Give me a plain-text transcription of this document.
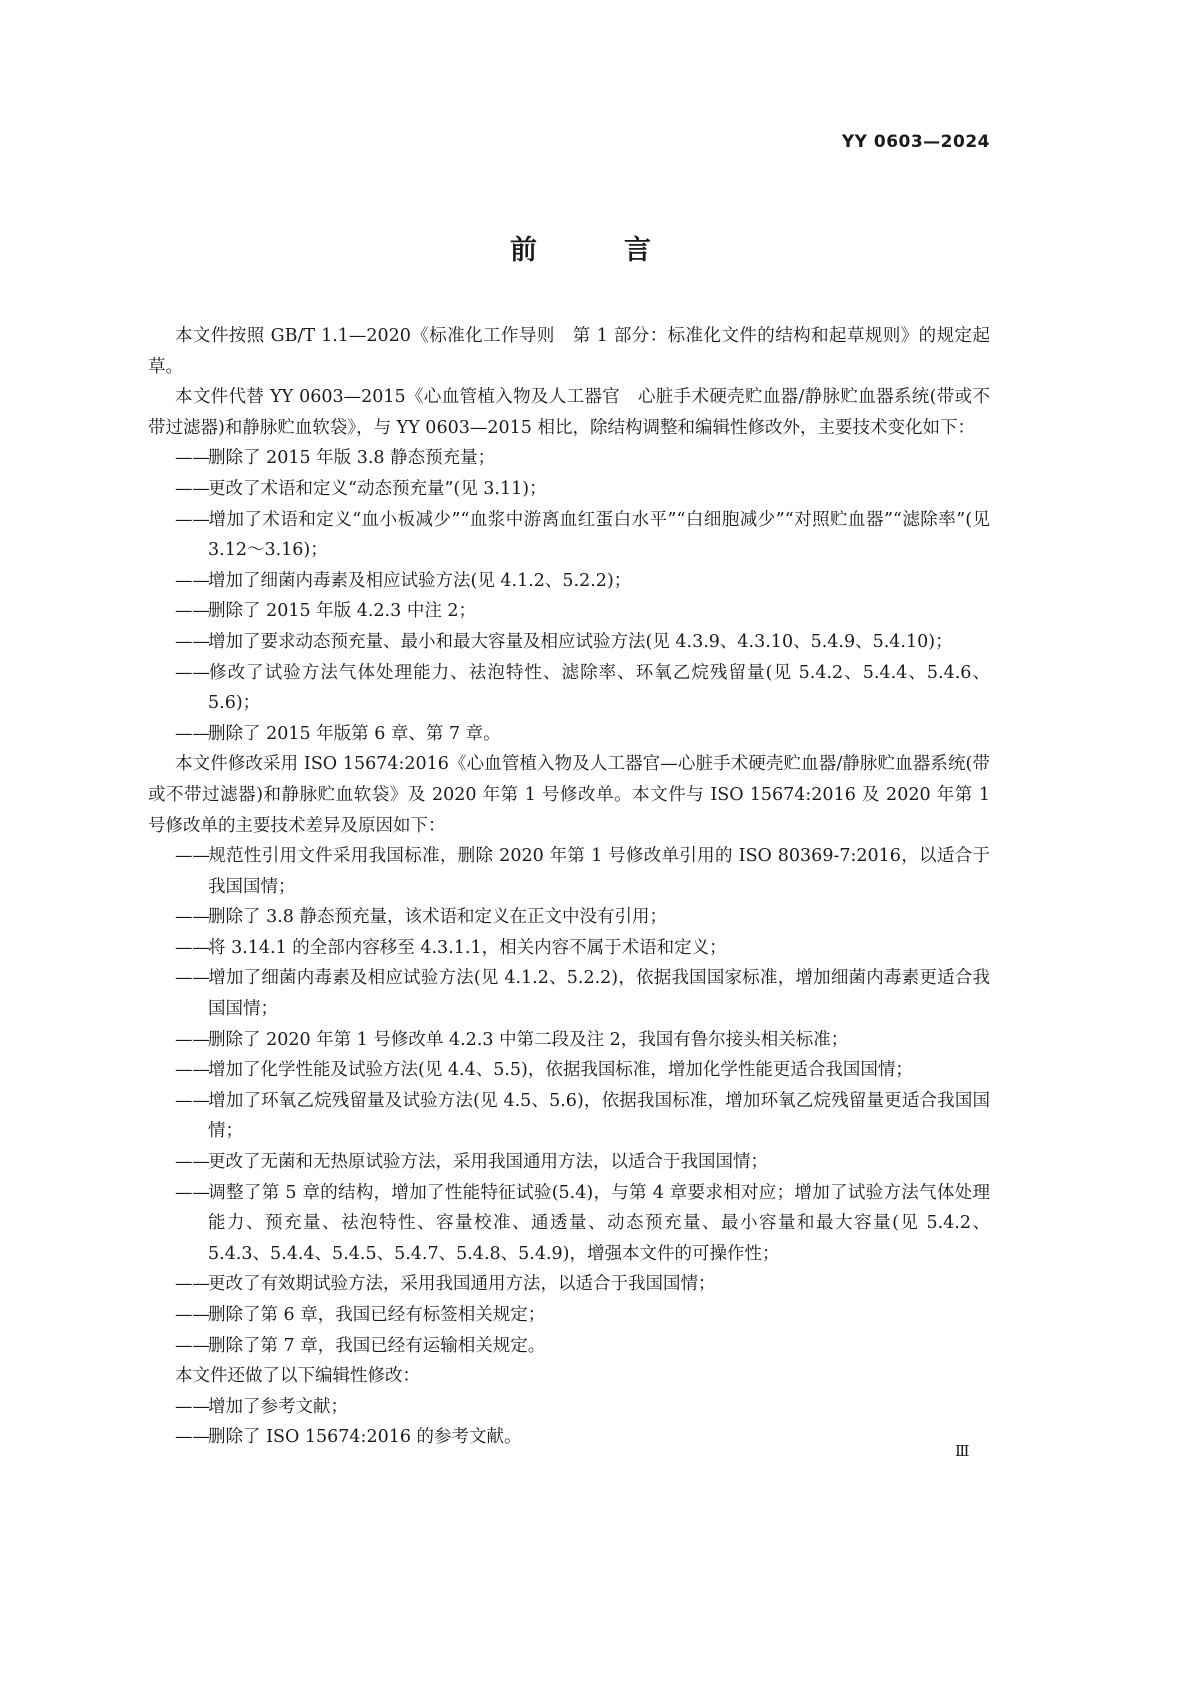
YY 0603—2024
前　言

本文件按照 GB/T 1.1—2020《标准化工作导则　第 1 部分：标准化文件的结构和起草规则》的规定起草。

本文件代替 YY 0603—2015《心血管植入物及人工器官　心脏手术硬壳贮血器/静脉贮血器系统(带或不带过滤器)和静脉贮血软袋》，与 YY 0603—2015 相比，除结构调整和编辑性修改外，主要技术变化如下：

——删除了 2015 年版 3.8 静态预充量；

——更改了术语和定义“动态预充量”(见 3.11)；

——增加了术语和定义“血小板减少”“血浆中游离血红蛋白水平”“白细胞减少”“对照贮血器”“滤除率”(见 3.12～3.16)；

——增加了细菌内毒素及相应试验方法(见 4.1.2、5.2.2)；

——删除了 2015 年版 4.2.3 中注 2；

——增加了要求动态预充量、最小和最大容量及相应试验方法(见 4.3.9、4.3.10、5.4.9、5.4.10)；

——修改了试验方法气体处理能力、祛泡特性、滤除率、环氧乙烷残留量(见 5.4.2、5.4.4、5.4.6、5.6)；

——删除了 2015 年版第 6 章、第 7 章。

本文件修改采用 ISO 15674:2016《心血管植入物及人工器官—心脏手术硬壳贮血器/静脉贮血器系统(带或不带过滤器)和静脉贮血软袋》及 2020 年第 1 号修改单。本文件与 ISO 15674:2016 及 2020 年第 1 号修改单的主要技术差异及原因如下：

——规范性引用文件采用我国标准，删除 2020 年第 1 号修改单引用的 ISO 80369-7:2016，以适合于我国国情；

——删除了 3.8 静态预充量，该术语和定义在正文中没有引用；

——将 3.14.1 的全部内容移至 4.3.1.1，相关内容不属于术语和定义；

——增加了细菌内毒素及相应试验方法(见 4.1.2、5.2.2)，依据我国国家标准，增加细菌内毒素更适合我国国情；

——删除了 2020 年第 1 号修改单 4.2.3 中第二段及注 2，我国有鲁尔接头相关标准；

——增加了化学性能及试验方法(见 4.4、5.5)，依据我国标准，增加化学性能更适合我国国情；

——增加了环氧乙烷残留量及试验方法(见 4.5、5.6)，依据我国标准，增加环氧乙烷残留量更适合我国国情；

——更改了无菌和无热原试验方法，采用我国通用方法，以适合于我国国情；

——调整了第 5 章的结构，增加了性能特征试验(5.4)，与第 4 章要求相对应；增加了试验方法气体处理能力、预充量、祛泡特性、容量校准、通透量、动态预充量、最小容量和最大容量(见 5.4.2、5.4.3、5.4.4、5.4.5、5.4.7、5.4.8、5.4.9)，增强本文件的可操作性；

——更改了有效期试验方法，采用我国通用方法，以适合于我国国情；

——删除了第 6 章，我国已经有标签相关规定；

——删除了第 7 章，我国已经有运输相关规定。

本文件还做了以下编辑性修改：

——增加了参考文献；

——删除了 ISO 15674:2016 的参考文献。

Ⅲ
